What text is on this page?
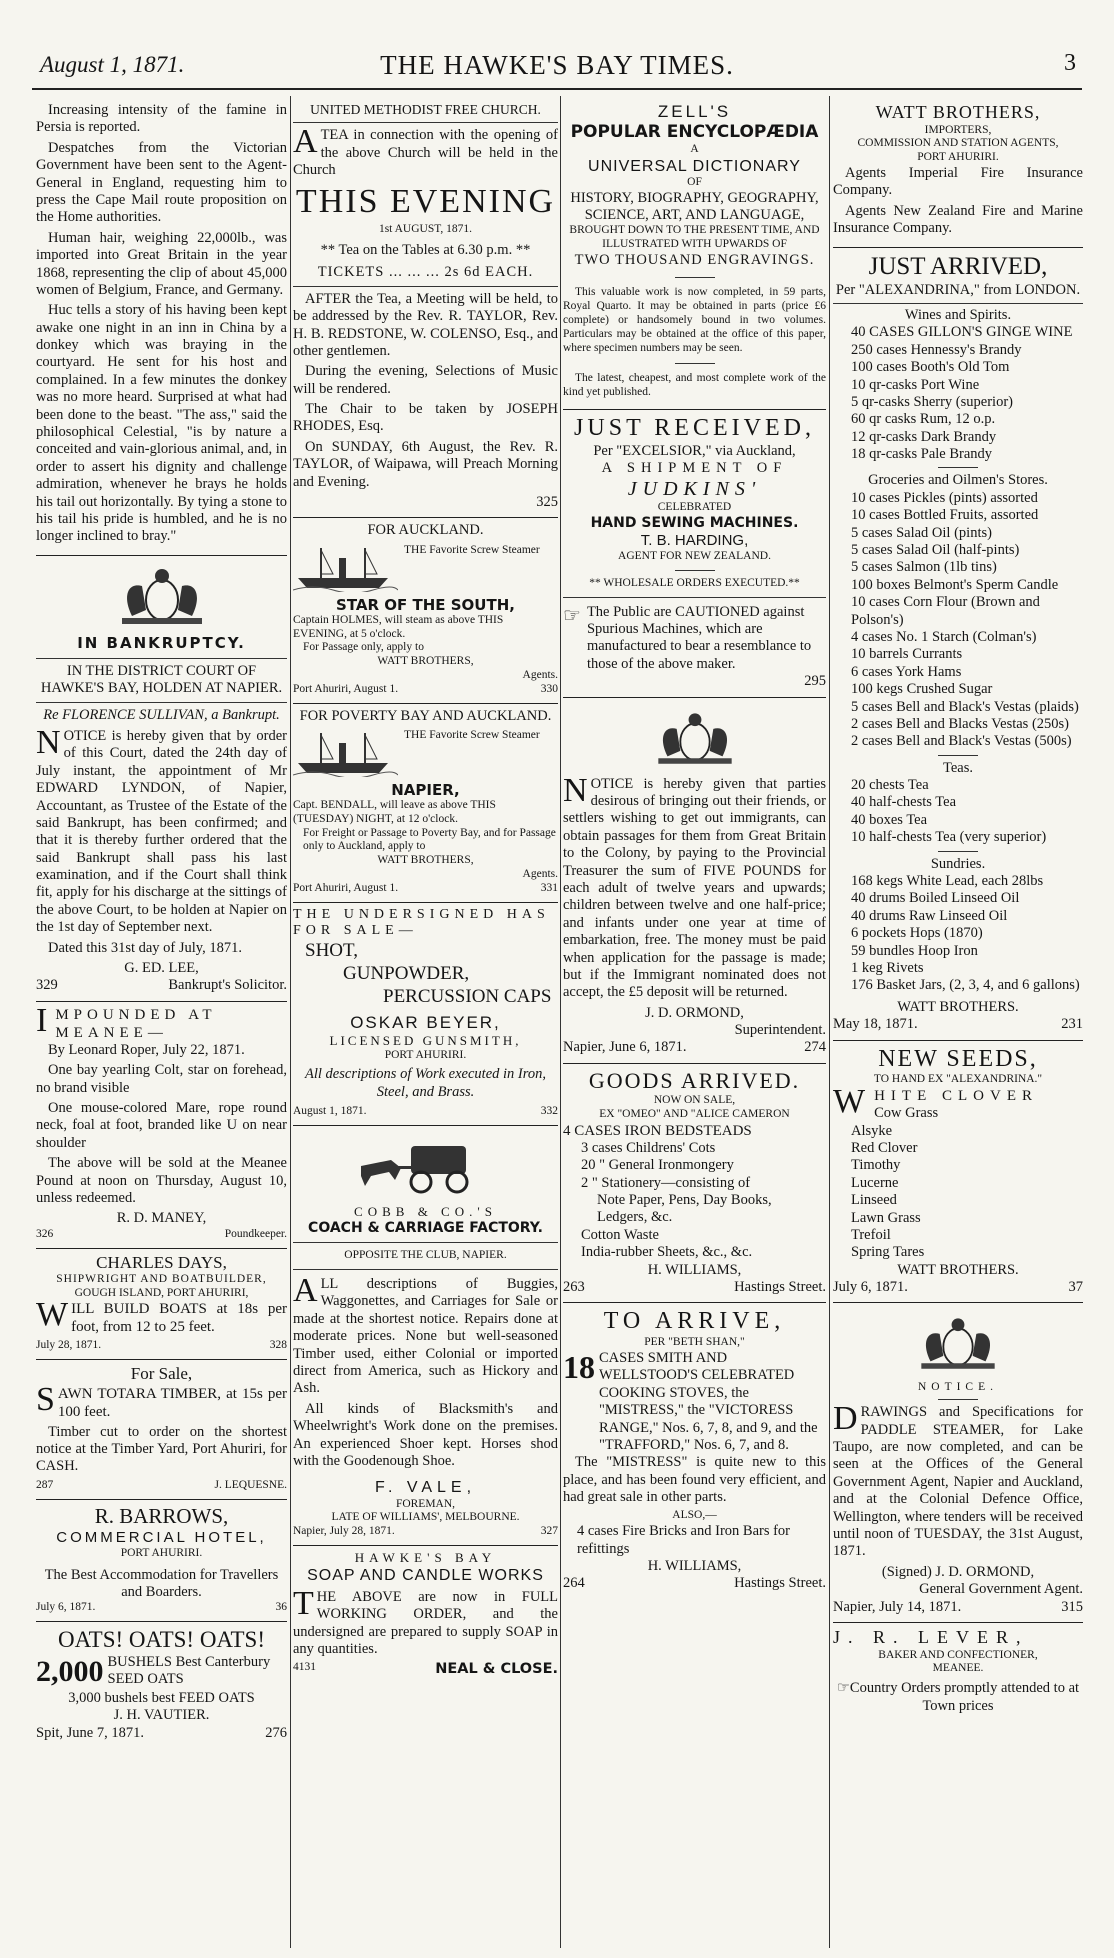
August 1, 1871.	THE HAWKE'S BAY TIMES.	3

Increasing intensity of the famine in Persia is reported.

Despatches from the Victorian Government have been sent to the Agent-General in England, requesting him to press the Cape Mail route proposition on the Home authorities.

Human hair, weighing 22,000lb., was imported into Great Britain in the year 1868, representing the clip of about 45,000 women of Belgium, France, and Germany.

Huc tells a story of his having been kept awake one night in an inn in China by a donkey which was braying in the courtyard. He sent for his host and complained. In a few minutes the donkey was no more heard. Surprised at what had been done to the beast. "The ass," said the philosophical Celestial, "is by nature a conceited and vain-glorious animal, and, in order to assert his dignity and challenge admiration, whenever he brays he holds his tail out horizontally. By tying a stone to his tail his pride is humbled, and he is no longer inclined to bray."

IN BANKRUPTCY.
IN THE DISTRICT COURT OF HAWKE'S BAY, HOLDEN AT NAPIER.
Re FLORENCE SULLIVAN, a Bankrupt.

NOTICE is hereby given that by order of this Court, dated the 24th day of July instant, the appointment of Mr EDWARD LYNDON, of Napier, Accountant, as Trustee of the Estate of the said Bankrupt, has been confirmed; and that it is thereby further ordered that the said Bankrupt shall pass his last examination, and if the Court shall think fit, apply for his discharge at the sittings of the above Court, to be holden at Napier on the 1st day of September next.

Dated this 31st day of July, 1871.

G. ED. LEE,
329	Bankrupt's Solicitor.
IMPOUNDED AT MEANEE—

By Leonard Roper, July 22, 1871.

One bay yearling Colt, star on forehead, no brand visible

One mouse-colored Mare, rope round neck, foal at foot, branded like U on near shoulder

The above will be sold at the Meanee Pound at noon on Thursday, August 10, unless redeemed.

R. D. MANEY,
326	Poundkeeper.
CHARLES DAYS,
SHIPWRIGHT AND BOATBUILDER,
GOUGH ISLAND, PORT AHURIRI,

WILL BUILD BOATS at 18s per foot, from 12 to 25 feet.

July 28, 1871.	328
For Sale,

SAWN TOTARA TIMBER, at 15s per 100 feet.

Timber cut to order on the shortest notice at the Timber Yard, Port Ahuriri, for CASH.

287	J. LEQUESNE.
R. BARROWS,
COMMERCIAL HOTEL,
PORT AHURIRI.
The Best Accommodation for Travellers and Boarders.
July 6, 1871.	36
OATS! OATS! OATS!
2,000 BUSHELS Best Canterbury SEED OATS
3,000 bushels best FEED OATS
J. H. VAUTIER.
Spit, June 7, 1871.	276
UNITED METHODIST FREE CHURCH.

ATEA in connection with the opening of the above Church will be held in the Church

THIS EVENING
1st AUGUST, 1871.
** Tea on the Tables at 6.30 p.m. **
TICKETS ... ... ... 2s 6d EACH.

AFTER the Tea, a Meeting will be held, to be addressed by the Rev. R. TAYLOR, Rev. H. B. REDSTONE, W. COLENSO, Esq., and other gentlemen.

During the evening, Selections of Music will be rendered.

The Chair to be taken by JOSEPH RHODES, Esq.

On SUNDAY, 6th August, the Rev. R. TAYLOR, of Waipawa, will Preach Morning and Evening.

325
FOR AUCKLAND.
THE Favorite Screw Steamer
STAR OF THE SOUTH,
Captain HOLMES, will steam as above THIS EVENING, at 5 o'clock.
For Passage only, apply to
WATT BROTHERS,
Agents.
Port Ahuriri, August 1.	330
FOR POVERTY BAY AND AUCKLAND.
THE Favorite Screw Steamer
NAPIER,
Capt. BENDALL, will leave as above THIS (TUESDAY) NIGHT, at 12 o'clock.
For Freight or Passage to Poverty Bay, and for Passage only to Auckland, apply to
WATT BROTHERS,
Agents.
Port Ahuriri, August 1.	331
THE UNDERSIGNED HAS FOR SALE—
SHOT,
GUNPOWDER,
PERCUSSION CAPS
OSKAR BEYER,
LICENSED GUNSMITH,
PORT AHURIRI.
All descriptions of Work executed in Iron, Steel, and Brass.
August 1, 1871.	332
COBB & CO.'S
COACH & CARRIAGE FACTORY.
OPPOSITE THE CLUB, NAPIER.

ALL descriptions of Buggies, Waggonettes, and Carriages for Sale or made at the shortest notice. Repairs done at moderate prices. None but well-seasoned Timber used, either Colonial or imported direct from America, such as Hickory and Ash.

All kinds of Blacksmith's and Wheelwright's Work done on the premises. An experienced Shoer kept. Horses shod with the Goodenough Shoe.

F. VALE,
FOREMAN,
LATE OF WILLIAMS', MELBOURNE.
Napier, July 28, 1871.	327
HAWKE'S BAY
SOAP AND CANDLE WORKS

THE ABOVE are now in FULL WORKING ORDER, and the undersigned are prepared to supply SOAP in any quantities.

4131	NEAL & CLOSE.
ZELL'S
POPULAR ENCYCLOPÆDIA
A
UNIVERSAL DICTIONARY
OF
HISTORY, BIOGRAPHY, GEOGRAPHY, SCIENCE, ART, AND LANGUAGE,
BROUGHT DOWN TO THE PRESENT TIME, AND ILLUSTRATED WITH UPWARDS OF
TWO THOUSAND ENGRAVINGS.

This valuable work is now completed, in 59 parts, Royal Quarto. It may be obtained in parts (price £6 complete) or handsomely bound in two volumes. Particulars may be obtained at the office of this paper, where specimen numbers may be seen.

The latest, cheapest, and most complete work of the kind yet published.

JUST RECEIVED,
Per "EXCELSIOR," via Auckland,
A SHIPMENT OF
JUDKINS'
CELEBRATED
HAND SEWING MACHINES.
T. B. HARDING,
AGENT FOR NEW ZEALAND.
** WHOLESALE ORDERS EXECUTED.**
☞ The Public are CAUTIONED against Spurious Machines, which are manufactured to bear a resemblance to those of the above maker.
295

NOTICE is hereby given that parties desirous of bringing out their friends, or settlers wishing to get out immigrants, can obtain passages for them from Great Britain to the Colony, by paying to the Provincial Treasurer the sum of FIVE POUNDS for each adult of twelve years and upwards; children between twelve and one half-price; and infants under one year at time of embarkation, free. The money must be paid when application for the passage is made; but if the Immigrant nominated does not accept, the £5 deposit will be returned.

J. D. ORMOND,
Superintendent.
Napier, June 6, 1871.	274
GOODS ARRIVED.
NOW ON SALE,
EX "OMEO" AND "ALICE CAMERON
4 CASES IRON BEDSTEADS
3 cases Childrens' Cots
20 " General Ironmongery
2 " Stationery—consisting of
Note Paper, Pens, Day Books,
Ledgers, &c.
Cotton Waste
India-rubber Sheets, &c., &c.
H. WILLIAMS,
263	Hastings Street.
TO ARRIVE,
PER "BETH SHAN,"
18 CASES SMITH AND WELLSTOOD'S CELEBRATED COOKING STOVES, the "MISTRESS," the "VICTORESS RANGE," Nos. 6, 7, 8, and 9, and the "TRAFFORD," Nos. 6, 7, and 8.

The "MISTRESS" is quite new to this place, and has been found very efficient, and had great sale in other parts.

ALSO,—
4 cases Fire Bricks and Iron Bars for refittings
H. WILLIAMS,
264	Hastings Street.
WATT BROTHERS,
IMPORTERS,
COMMISSION AND STATION AGENTS,
PORT AHURIRI.

Agents Imperial Fire Insurance Company.

Agents New Zealand Fire and Marine Insurance Company.

JUST ARRIVED,
Per "ALEXANDRINA," from LONDON.
Wines and Spirits.
40 CASES GILLON'S GINGE WINE
250 cases Hennessy's Brandy
100 cases Booth's Old Tom
10 qr-casks Port Wine
5 qr-casks Sherry (superior)
60 qr casks Rum, 12 o.p.
12 qr-casks Dark Brandy
18 qr-casks Pale Brandy
Groceries and Oilmen's Stores.
10 cases Pickles (pints) assorted
10 cases Bottled Fruits, assorted
5 cases Salad Oil (pints)
5 cases Salad Oil (half-pints)
5 cases Salmon (1lb tins)
100 boxes Belmont's Sperm Candle
10 cases Corn Flour (Brown and Polson's)
4 cases No. 1 Starch (Colman's)
10 barrels Currants
6 cases York Hams
100 kegs Crushed Sugar
5 cases Bell and Black's Vestas (plaids)
2 cases Bell and Blacks Vestas (250s)
2 cases Bell and Black's Vestas (500s)
Teas.
20 chests Tea
40 half-chests Tea
40 boxes Tea
10 half-chests Tea (very superior)
Sundries.
168 kegs White Lead, each 28lbs
40 drums Boiled Linseed Oil
40 drums Raw Linseed Oil
6 pockets Hops (1870)
59 bundles Hoop Iron
1 keg Rivets
176 Basket Jars, (2, 3, 4, and 6 gallons)
WATT BROTHERS.
May 18, 1871.	231
NEW SEEDS,
TO HAND EX "ALEXANDRINA."
WHITE CLOVER
Cow Grass
Alsyke
Red Clover
Timothy
Lucerne
Linseed
Lawn Grass
Trefoil
Spring Tares
WATT BROTHERS.
July 6, 1871.	37
NOTICE.

DRAWINGS and Specifications for PADDLE STEAMER, for Lake Taupo, are now completed, and can be seen at the Offices of the General Government Agent, Napier and Auckland, and at the Colonial Defence Office, Wellington, where tenders will be received until noon of TUESDAY, the 31st August, 1871.

(Signed) J. D. ORMOND,
General Government Agent.
Napier, July 14, 1871.	315
J. R. LEVER,
BAKER AND CONFECTIONER,
MEANEE.
☞Country Orders promptly attended to at Town prices
